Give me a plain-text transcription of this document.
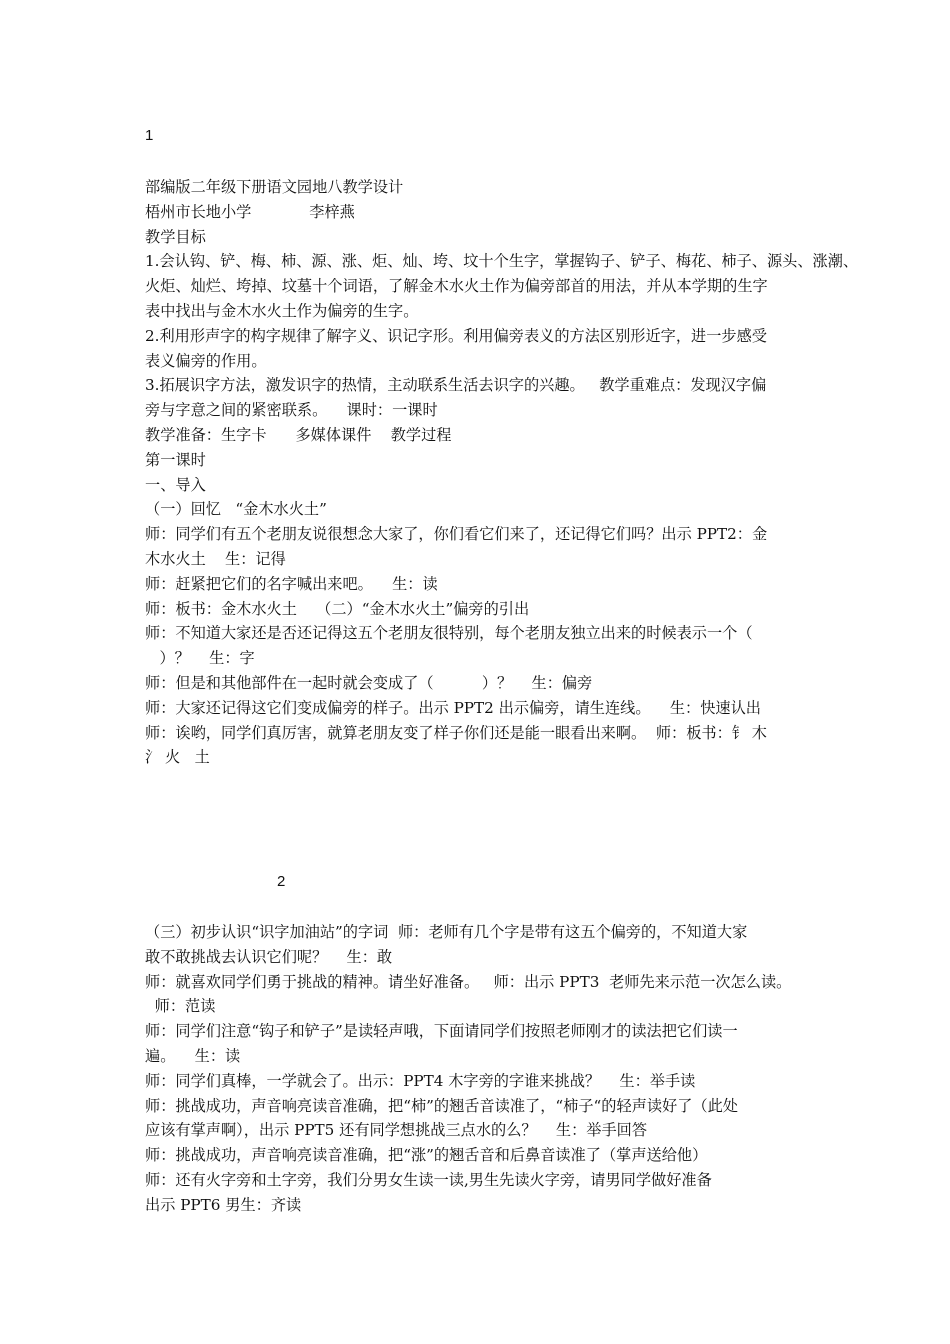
1
部编版二年级下册语文园地八教学设计
梧州市长地小学            李梓燕
教学目标
1.会认钩、铲、梅、柿、源、涨、炬、灿、垮、坟十个生字，掌握钩子、铲子、梅花、柿子、源头、涨潮、
火炬、灿烂、垮掉、坟墓十个词语，了解金木水火土作为偏旁部首的用法，并从本学期的生字
表中找出与金木水火土作为偏旁的生字。
2.利用形声字的构字规律了解字义、识记字形。利用偏旁表义的方法区别形近字，进一步感受
表义偏旁的作用。
3.拓展识字方法，激发识字的热情，主动联系生活去识字的兴趣。   教学重难点：发现汉字偏
旁与字意之间的紧密联系。    课时：一课时
教学准备：生字卡      多媒体课件    教学过程
第一课时
一、导入
（一）回忆   “金木水火土”
师：同学们有五个老朋友说很想念大家了，你们看它们来了，还记得它们吗？出示 PPT2：金
木水火土    生：记得
师：赶紧把它们的名字喊出来吧。    生：读
师：板书：金木水火土    （二）“金木水火土”偏旁的引出
师：不知道大家还是否还记得这五个老朋友很特别，每个老朋友独立出来的时候表示一个（
）？    生：字
师：但是和其他部件在一起时就会变成了（          ）？    生：偏旁
师：大家还记得这它们变成偏旁的样子。出示 PPT2 出示偏旁，请生连线。    生：快速认出
师：诶哟，同学们真厉害，就算老朋友变了样子你们还是能一眼看出来啊。  师：板书：钅 木
氵 火   土
2
（三）初步认识“识字加油站”的字词  师：老师有几个字是带有这五个偏旁的，不知道大家
敢不敢挑战去认识它们呢？    生：敢
师：就喜欢同学们勇于挑战的精神。请坐好准备。   师：出示 PPT3  老师先来示范一次怎么读。
师：范读
师：同学们注意“钩子和铲子”是读轻声哦，下面请同学们按照老师刚才的读法把它们读一
遍。    生：读
师：同学们真棒，一学就会了。出示：PPT4 木字旁的字谁来挑战？    生：举手读
师：挑战成功，声音响亮读音准确，把“柿”的翘舌音读准了，“柿子“的轻声读好了（此处
应该有掌声啊），出示 PPT5 还有同学想挑战三点水的么？    生：举手回答
师：挑战成功，声音响亮读音准确，把“涨”的翘舌音和后鼻音读准了（掌声送给他）
师：还有火字旁和土字旁，我们分男女生读一读,男生先读火字旁，请男同学做好准备
出示 PPT6 男生：齐读
